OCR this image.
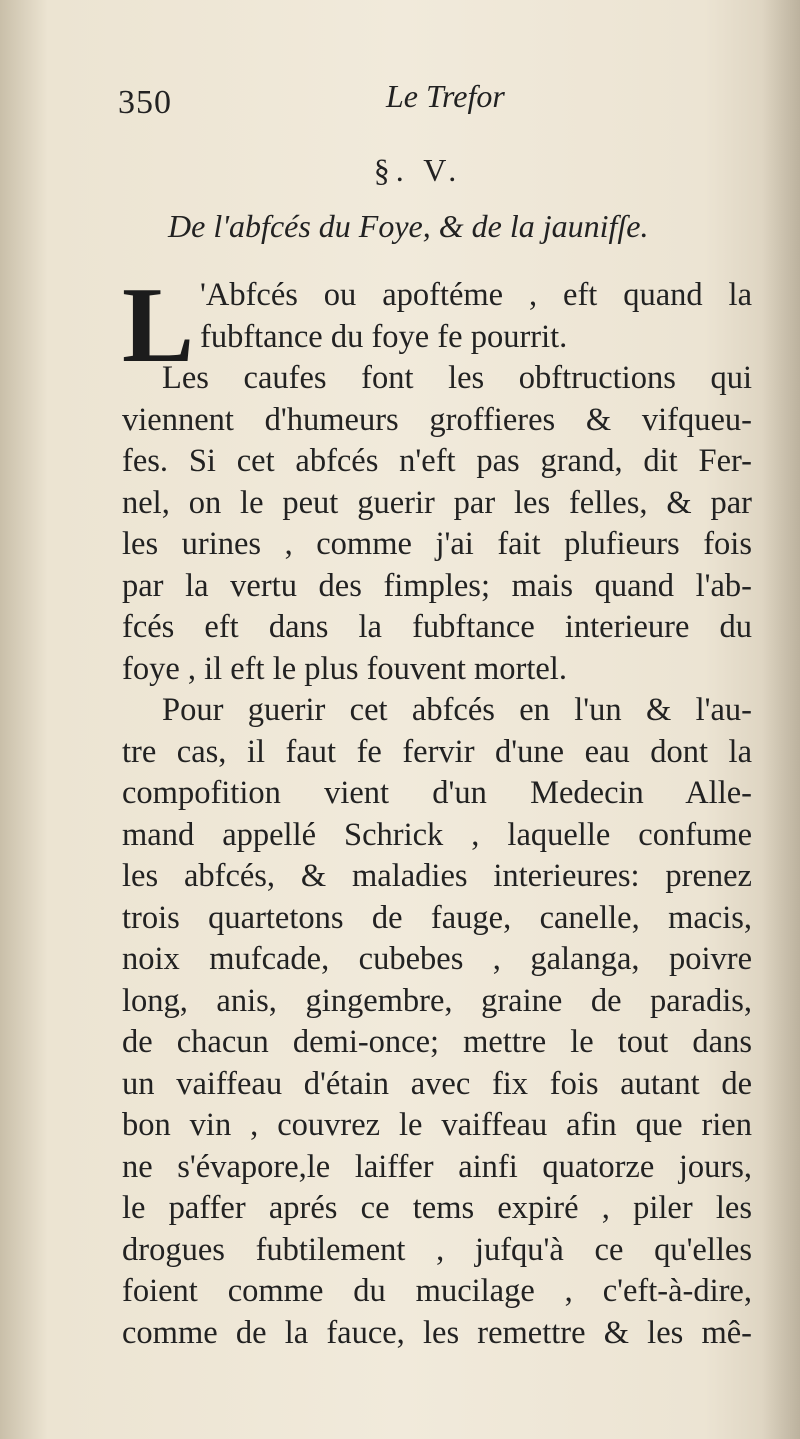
350	Le Trefor
§. V.
De l'abfcés du Foye, & de la jaunifſe.
L 'Abfcés ou apoftéme , eft quand la
fubftance du foye fe pourrit.
Les caufes font les obftructions qui
viennent d'humeurs groffieres & vifqueu-
fes. Si cet abfcés n'eft pas grand, dit Fer-
nel, on le peut guerir par les felles, & par
les urines , comme j'ai fait plufieurs fois
par la vertu des fimples; mais quand l'ab-
fcés eft dans la fubftance interieure du
foye , il eft le plus fouvent mortel.
Pour guerir cet abfcés en l'un & l'au-
tre cas, il faut fe fervir d'une eau dont la
compofition vient d'un Medecin Alle-
mand appellé Schrick , laquelle confume
les abfcés, & maladies interieures: prenez
trois quartetons de fauge, canelle, macis,
noix mufcade, cubebes , galanga, poivre
long, anis, gingembre, graine de paradis,
de chacun demi-once; mettre le tout dans
un vaiffeau d'étain avec fix fois autant de
bon vin , couvrez le vaiffeau afin que rien
ne s'évapore,le laiffer ainfi quatorze jours,
le paffer aprés ce tems expiré , piler les
drogues fubtilement , jufqu'à ce qu'elles
foient comme du mucilage , c'eft-à-dire,
comme de la fauce, les remettre & les mê-
